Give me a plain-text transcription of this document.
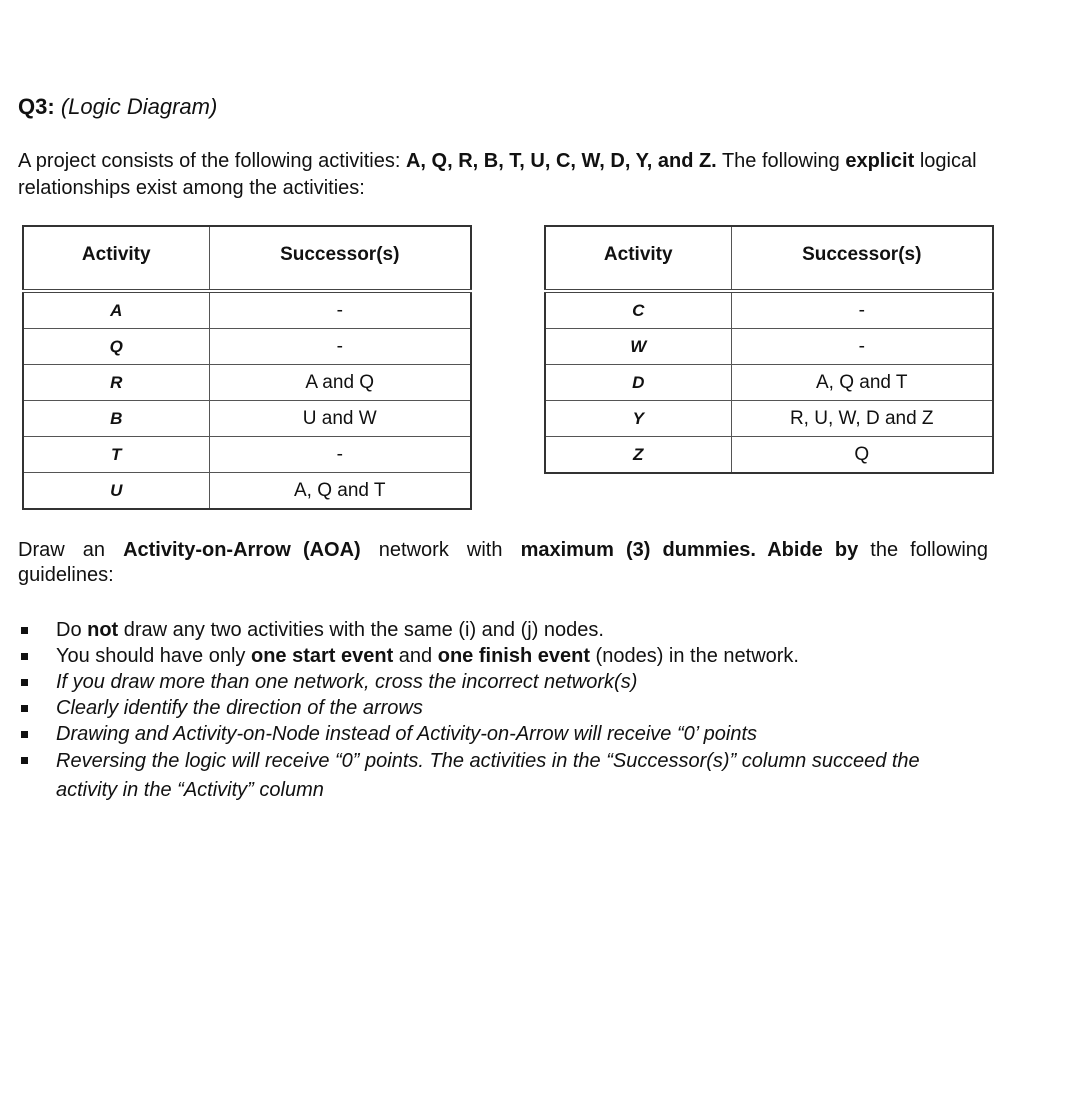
Q3: (Logic Diagram)
A project consists of the following activities: A, Q, R, B, T, U, C, W, D, Y, and Z. The following explicit logical relationships exist among the activities:
Activity	Successor(s)
A	-
Q	-
R	A and Q
B	U and W
T	-
U	A, Q and T
Activity	Successor(s)
C	-
W	-
D	A, Q and T
Y	R, U, W, D and Z
Z	Q
Draw an Activity-on-Arrow (AOA) network with maximum (3) dummies. Abide by the following guidelines:
Do not draw any two activities with the same (i) and (j) nodes.
You should have only one start event and one finish event (nodes) in the network.
If you draw more than one network, cross the incorrect network(s)
Clearly identify the direction of the arrows
Drawing and Activity-on-Node instead of Activity-on-Arrow will receive “0’ points
Reversing the logic will receive “0” points. The activities in the “Successor(s)” column succeed the activity in the “Activity” column
